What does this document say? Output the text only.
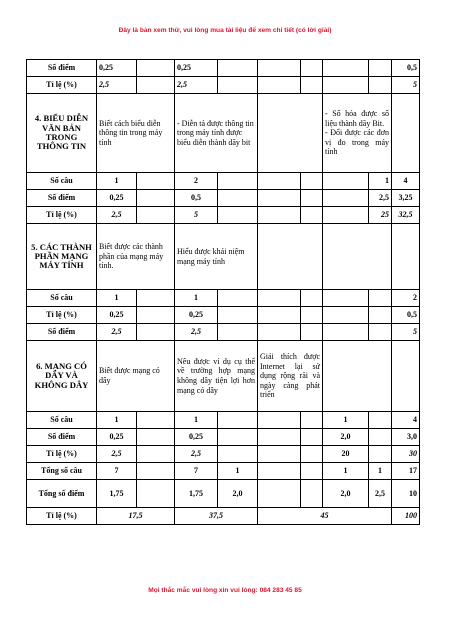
Đây là bản xem thử, vui lòng mua tài liệu để xem chi tiết (có lời giải)
Số điểm	0,25		0,25						0,5
Tỉ lệ (%)	2,5		2,5						5
4. BIỂU DIỄN VĂN BẢN TRONG THÔNG TIN	Biết cách biểu diễn thông tin trong máy tính		- Diễn tả được thông tin trong máy tính được biểu diễn thành dãy bit				- Số hóa được số liệu thành dãy Bit.
- Đổi được các đơn vị đo trong máy tính		
Số câu	1		2					1	4
Số điểm	0,25		0,5					2,5	3,25
Tỉ lệ (%)	2,5		5					25	32,5
5. CÁC THÀNH PHẦN MẠNG MÁY TÍNH	Biết được các thành phần của mạng máy tính.		Hiểu được khái niệm mạng máy tính						
Số câu	1		1						2
Tỉ lệ (%)	0,25		0,25						0,5
Số điểm	2,5		2,5						5
6. MẠNG CÓ DÂY VÀ KHÔNG DÂY	Biết được mạng có dây		Nêu được ví dụ cụ thể về trường hợp mạng không dây tiện lợi hơn mạng có dây		Giải thích được Internet lại sử dụng rộng rãi và ngày càng phát triển				
Số câu	1		1				1		4
Số điểm	0,25		0,25				2,0		3,0
Tỉ lệ (%)	2,5		2,5				20		30
Tổng số câu	7		7	1			1	1	17
Tổng số điểm	1,75		1,75	2,0			2,0	2,5	10
Tỉ lệ (%)	17,5		37,5		45				100
Mọi thắc mắc vui lòng xin vui lòng: 084 283 45 85
